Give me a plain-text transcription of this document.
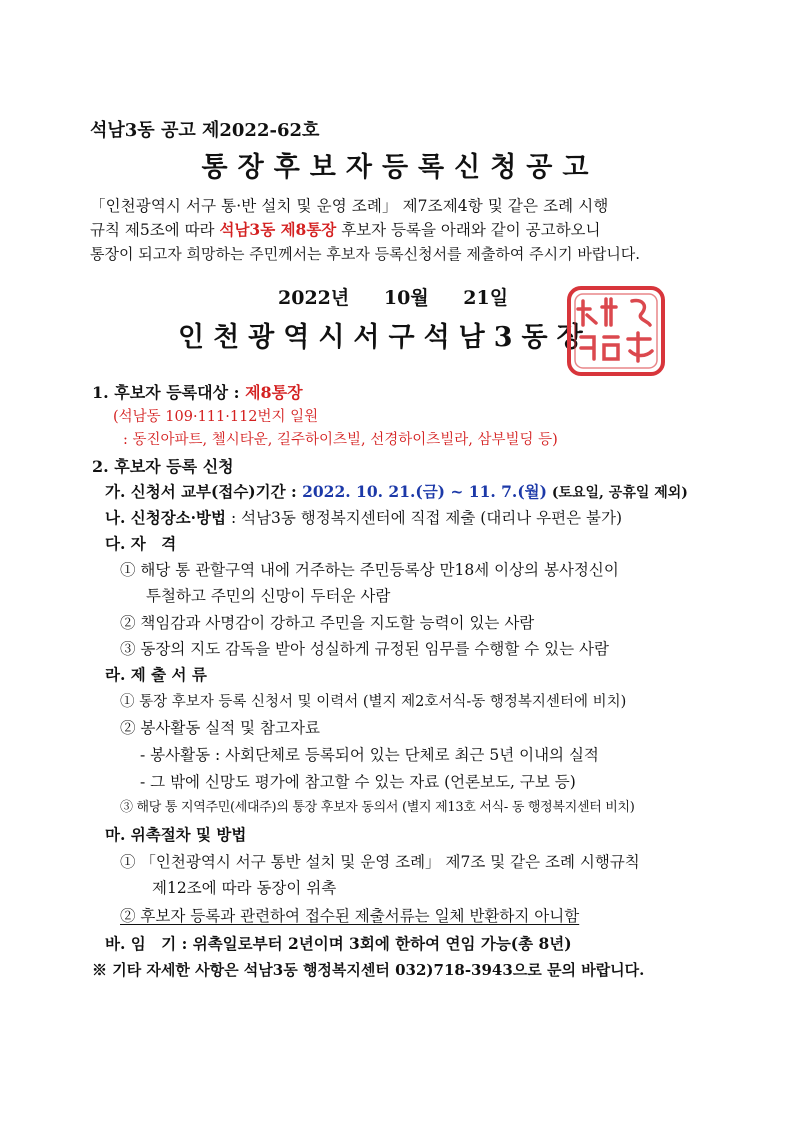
석남3동 공고 제2022-62호
통장후보자등록신청공고
「인천광역시 서구 통·반 설치 및 운영 조례」 제7조제4항 및 같은 조례 시행
규칙 제5조에 따라 석남3동 제8통장 후보자 등록을 아래와 같이 공고하오니
통장이 되고자 희망하는 주민께서는 후보자 등록신청서를 제출하여 주시기 바랍니다.
2022년 10월 21일
인천광역시서구석남3동장
1. 후보자 등록대상 : 제8통장
(석남동 109·111·112번지 일원
: 동진아파트, 첼시타운, 길주하이츠빌, 선경하이츠빌라, 삼부빌딩 등)
2. 후보자 등록 신청
가. 신청서 교부(접수)기간 : 2022. 10. 21.(금) ~ 11. 7.(월) (토요일, 공휴일 제외)
나. 신청장소·방법 : 석남3동 행정복지센터에 직접 제출 (대리나 우편은 불가)
다. 자　격
① 해당 통 관할구역 내에 거주하는 주민등록상 만18세 이상의 봉사정신이
투철하고 주민의 신망이 두터운 사람
② 책임감과 사명감이 강하고 주민을 지도할 능력이 있는 사람
③ 동장의 지도 감독을 받아 성실하게 규정된 임무를 수행할 수 있는 사람
라. 제 출 서 류
① 통장 후보자 등록 신청서 및 이력서 (별지 제2호서식-동 행정복지센터에 비치)
② 봉사활동 실적 및 참고자료
- 봉사활동 : 사회단체로 등록되어 있는 단체로 최근 5년 이내의 실적
- 그 밖에 신망도 평가에 참고할 수 있는 자료 (언론보도, 구보 등)
③ 해당 통 지역주민(세대주)의 통장 후보자 동의서 (별지 제13호 서식- 동 행정복지센터 비치)
마. 위촉절차 및 방법
① 「인천광역시 서구 통반 설치 및 운영 조례」 제7조 및 같은 조례 시행규칙
제12조에 따라 동장이 위촉
② 후보자 등록과 관련하여 접수된 제출서류는 일체 반환하지 아니함
바. 임　기 : 위촉일로부터 2년이며 3회에 한하여 연임 가능(총 8년)
※ 기타 자세한 사항은 석남3동 행정복지센터 032)718-3943으로 문의 바랍니다.
